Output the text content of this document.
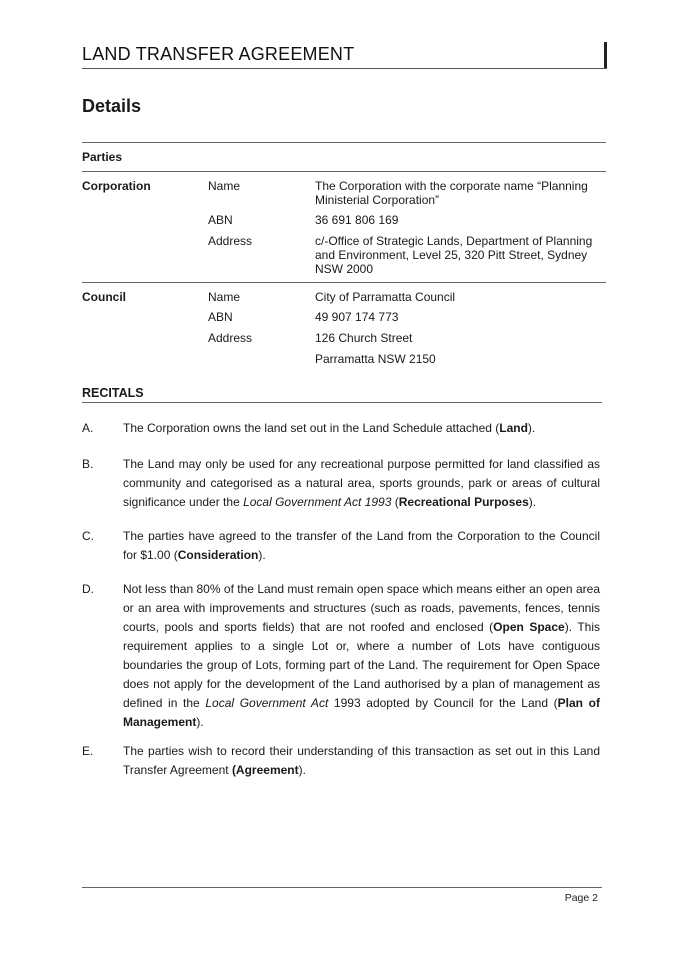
LAND TRANSFER AGREEMENT
Details
Parties
Corporation	Name	The Corporation with the corporate name “Planning Ministerial Corporation”
ABN	36 691 806 169
Address	c/-Office of Strategic Lands, Department of Planning and Environment, Level 25, 320 Pitt Street, Sydney NSW 2000
Council	Name	City of Parramatta Council
ABN	49 907 174 773
Address	126 Church Street
Parramatta NSW 2150
RECITALS
A. The Corporation owns the land set out in the Land Schedule attached (Land).
B. The Land may only be used for any recreational purpose permitted for land classified as community and categorised as a natural area, sports grounds, park or areas of cultural significance under the Local Government Act 1993 (Recreational Purposes).
C. The parties have agreed to the transfer of the Land from the Corporation to the Council for $1.00 (Consideration).
D. Not less than 80% of the Land must remain open space which means either an open area or an area with improvements and structures (such as roads, pavements, fences, tennis courts, pools and sports fields) that are not roofed and enclosed (Open Space). This requirement applies to a single Lot or, where a number of Lots have contiguous boundaries the group of Lots, forming part of the Land. The requirement for Open Space does not apply for the development of the Land authorised by a plan of management as defined in the Local Government Act 1993 adopted by Council for the Land (Plan of Management).
E. The parties wish to record their understanding of this transaction as set out in this Land Transfer Agreement (Agreement).
Page 2
